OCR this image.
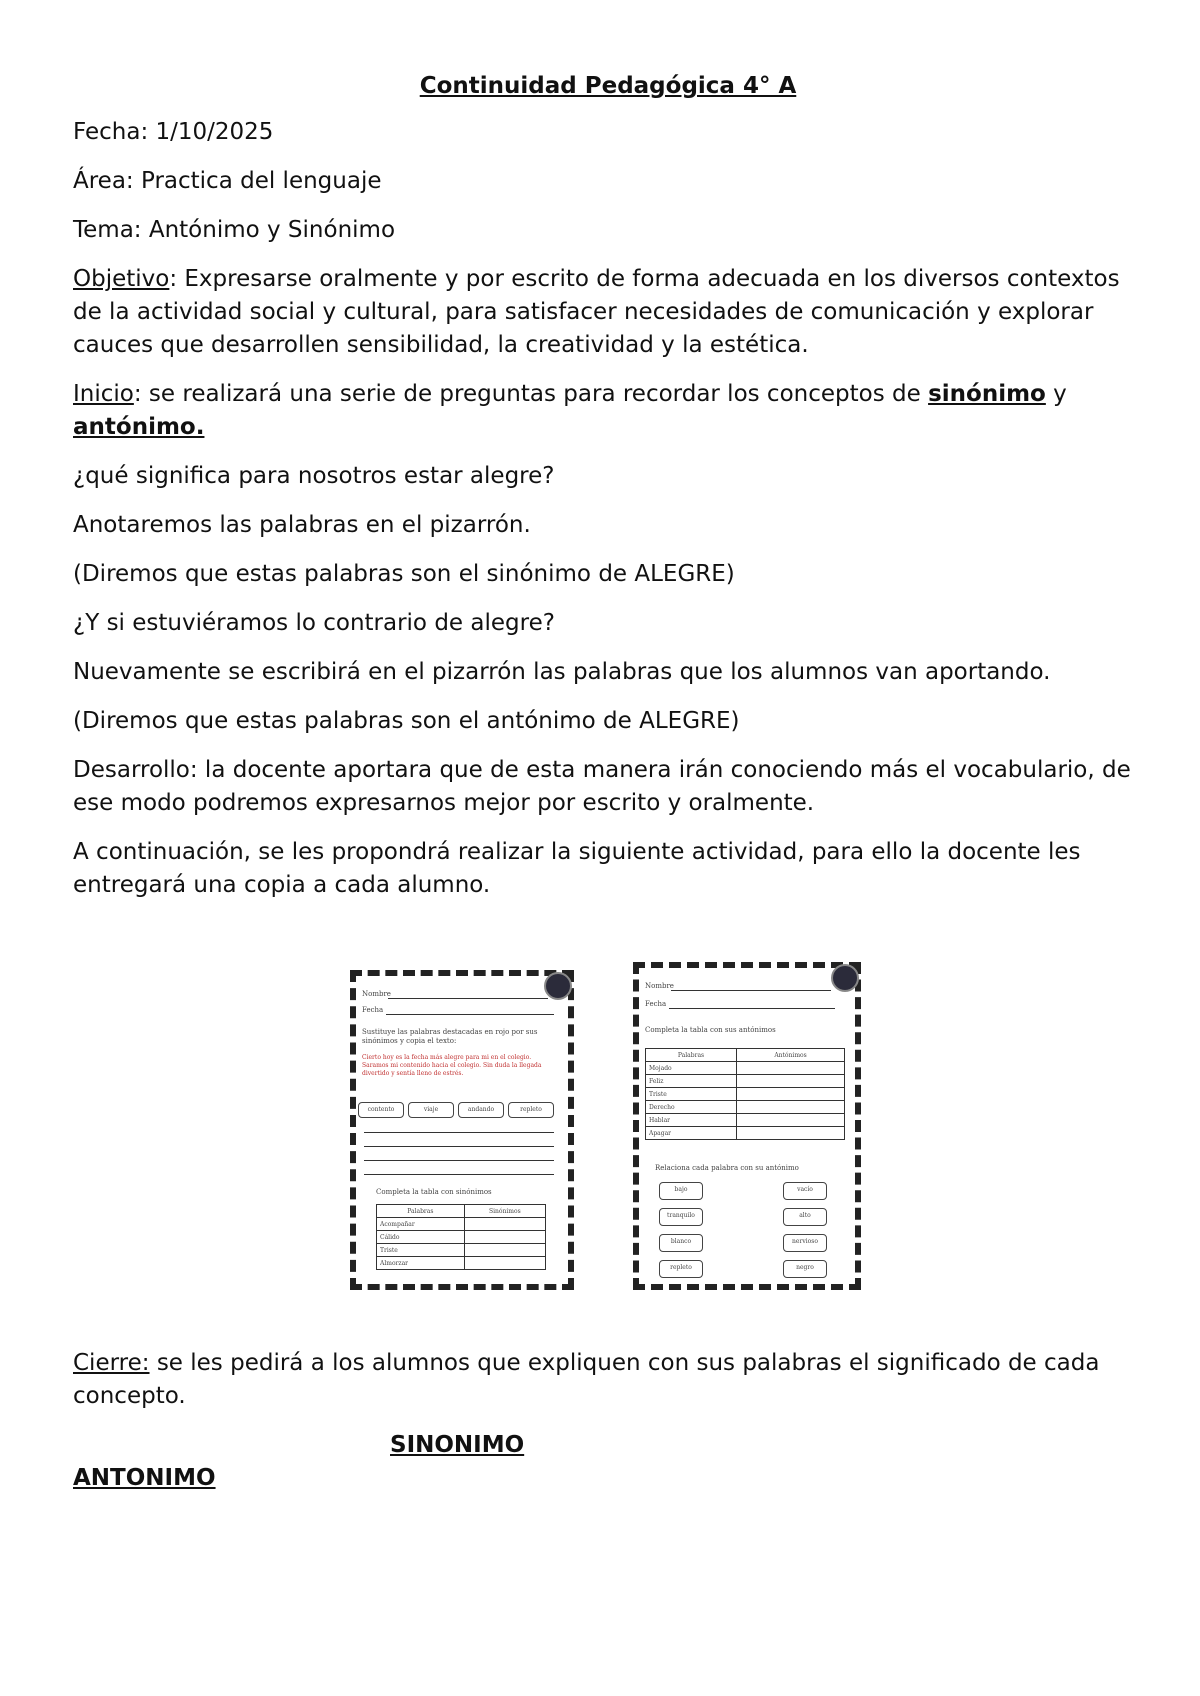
Continuidad Pedagógica 4° A

Fecha: 1/10/2025

Área: Practica del lenguaje

Tema: Antónimo y Sinónimo

Objetivo: Expresarse oralmente y por escrito de forma adecuada en los diversos contextos de la actividad social y cultural, para satisfacer necesidades de comunicación y explorar cauces que desarrollen sensibilidad, la creatividad y la estética.

Inicio: se realizará una serie de preguntas para recordar los conceptos de sinónimo y antónimo.

¿qué significa para nosotros estar alegre?

Anotaremos las palabras en el pizarrón.

(Diremos que estas palabras son el sinónimo de ALEGRE)

¿Y si estuviéramos lo contrario de alegre?

Nuevamente se escribirá en el pizarrón las palabras que los alumnos van aportando.

(Diremos que estas palabras son el antónimo de ALEGRE)

Desarrollo: la docente aportara que de esta manera irán conociendo más el vocabulario, de ese modo podremos expresarnos mejor por escrito y oralmente.

A continuación, se les propondrá realizar la siguiente actividad, para ello la docente les entregará una copia a cada alumno.

Nombre
Fecha
Sustituye las palabras destacadas en rojo por sus sinónimos y copia el texto:
Cierto hoy es la fecha más alegre para mi en el colegio. Saramos mi contenido hacia el colegio. Sin duda la llegada divertido y sentía lleno de estrés.
contento	viaje	andando	repleto
Completa la tabla con sinónimos
Palabras	Sinónimos
Acompañar	
Cálido	
Triste	
Almorzar	
Nombre
Fecha
Completa la tabla con sus antónimos
Palabras	Antónimos
Mojado	
Feliz	
Triste	
Derecho	
Hablar	
Apagar	
Relaciona cada palabra con su antónimo
bajo
tranquilo
blanco
repleto
vacío
alto
nervioso
negro

Cierre: se les pedirá a los alumnos que expliquen con sus palabras el significado de cada concepto.

SINONIMO
ANTONIMO
